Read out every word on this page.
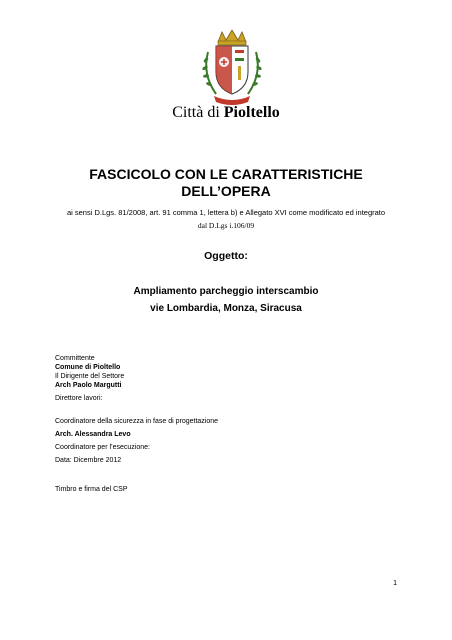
Città di Pioltello
FASCICOLO CON LE CARATTERISTICHE
DELL’OPERA
ai sensi D.Lgs. 81/2008, art. 91 comma 1, lettera b) e Allegato XVI come modificato ed integrato
dal D.Lgs i.106/09
Oggetto:
Ampliamento parcheggio interscambio
vie Lombardia, Monza, Siracusa
Committente
Comune di Pioltello
Il Dirigente del Settore
Arch Paolo Margutti
Direttore lavori:
Coordinatore della sicurezza in fase di progettazione
Arch. Alessandra Levo
Coordinatore per l’esecuzione:
Data: Dicembre 2012
Timbro e firma del CSP
1
